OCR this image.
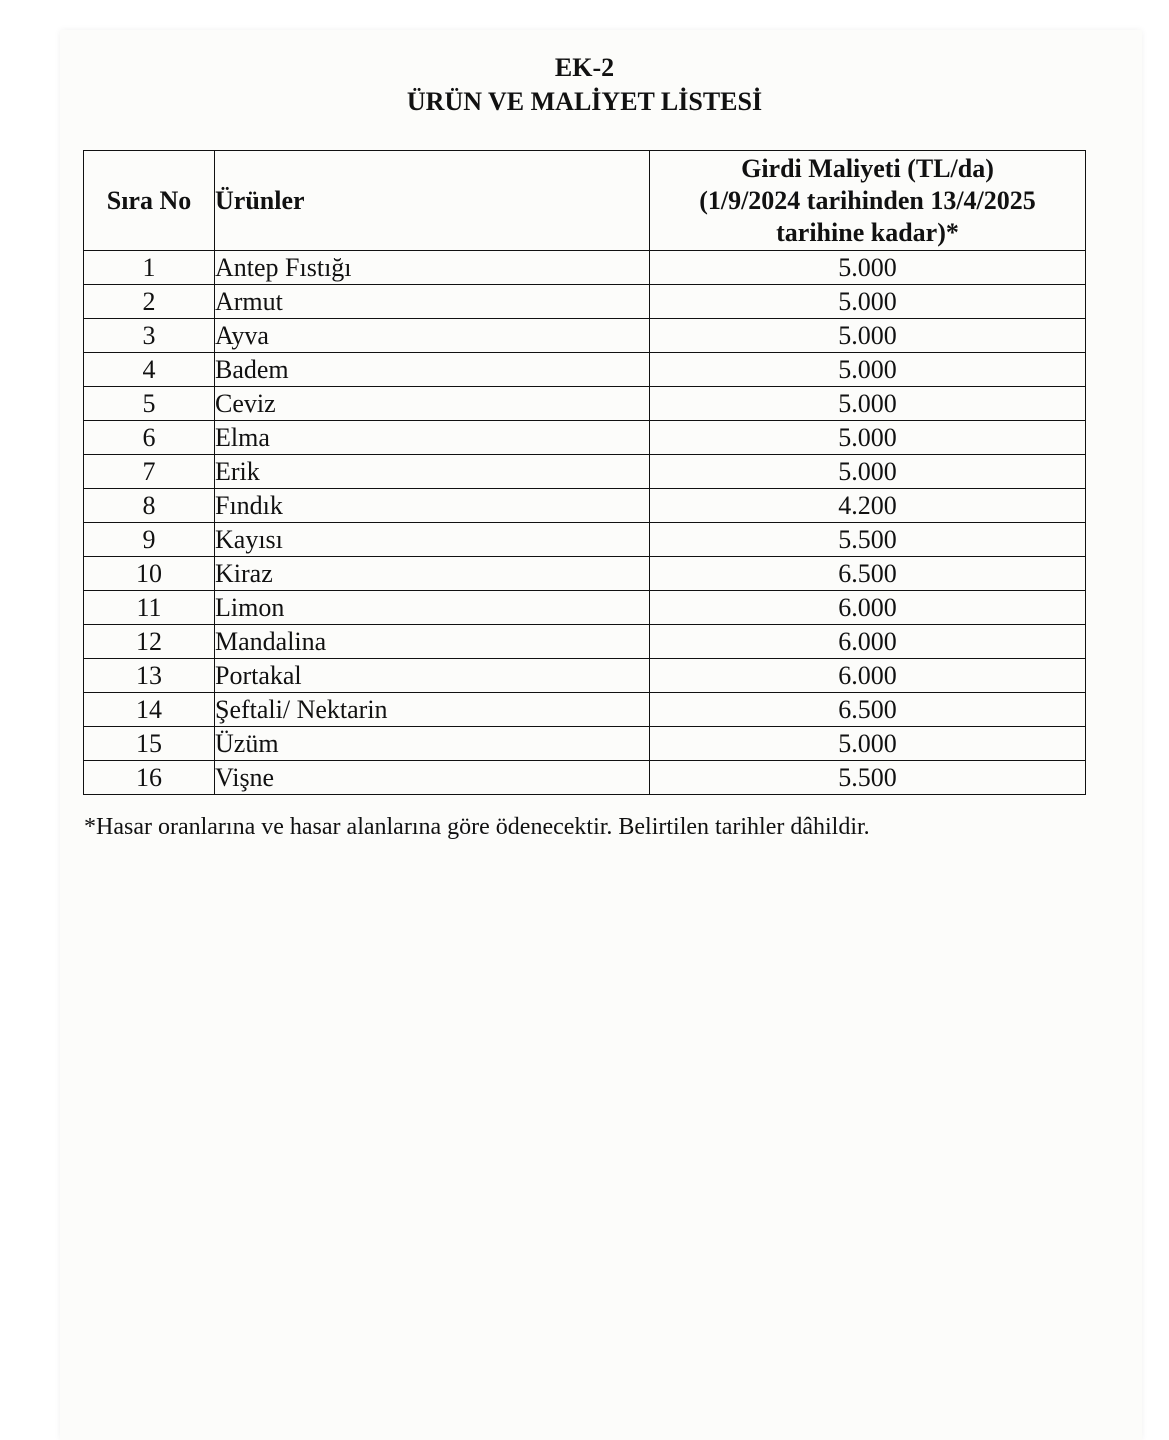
EK-2
ÜRÜN VE MALİYET LİSTESİ
Sıra No	Ürünler	Girdi Maliyeti (TL/da)
(1/9/2024 tarihinden 13/4/2025
tarihine kadar)*

1	Antep Fıstığı	5.000
2	Armut	5.000
3	Ayva	5.000
4	Badem	5.000
5	Ceviz	5.000
6	Elma	5.000
7	Erik	5.000
8	Fındık	4.200
9	Kayısı	5.500
10	Kiraz	6.500
11	Limon	6.000
12	Mandalina	6.000
13	Portakal	6.000
14	Şeftali/ Nektarin	6.500
15	Üzüm	5.000
16	Vişne	5.500
*Hasar oranlarına ve hasar alanlarına göre ödenecektir. Belirtilen tarihler dâhildir.
